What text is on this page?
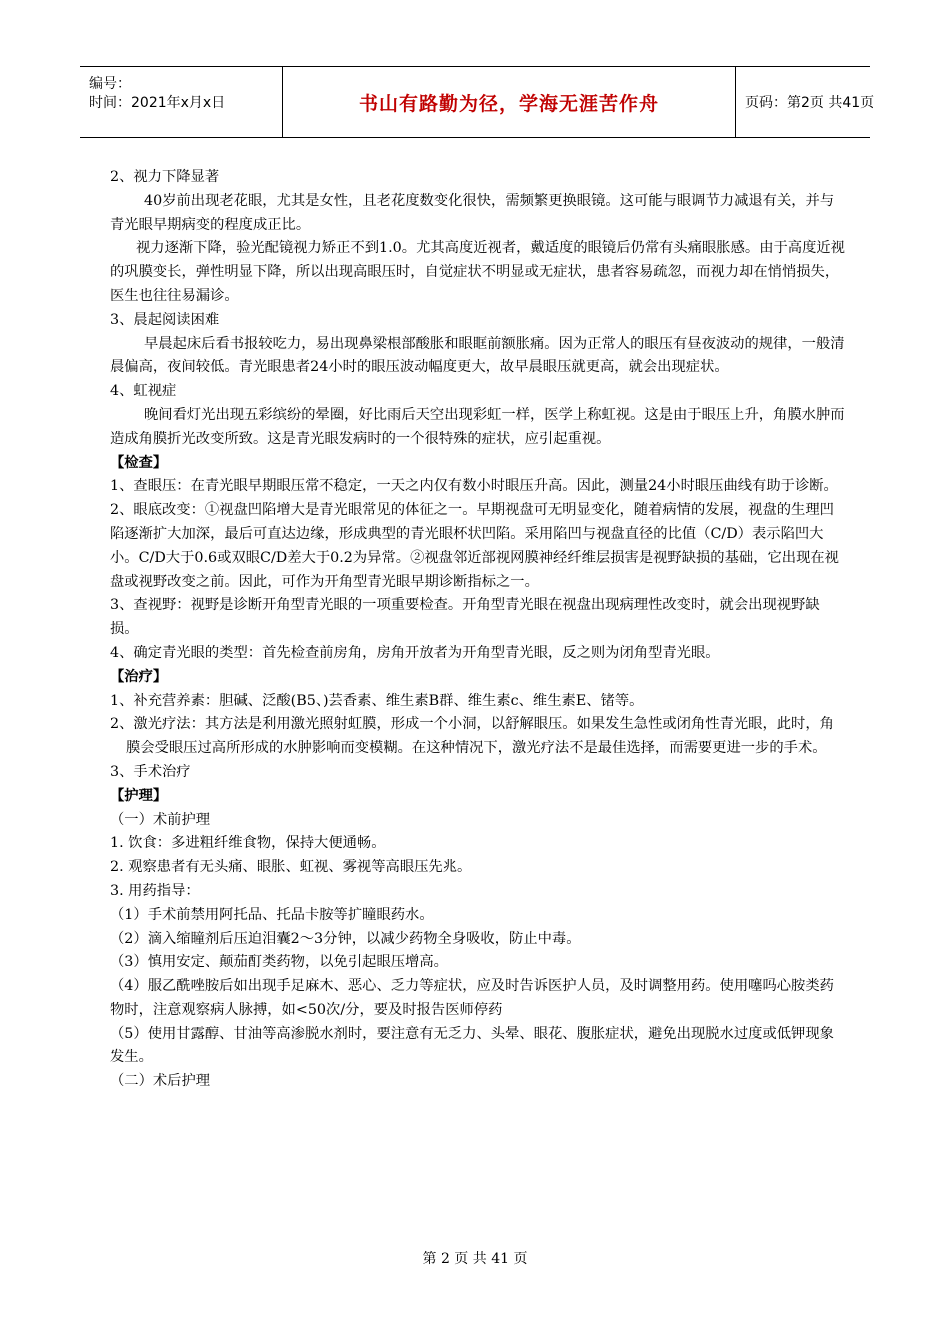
编号：
时间：2021年x月x日	书山有路勤为径，学海无涯苦作舟	页码：第2页 共41页

2、视力下降显著

40岁前出现老花眼，尤其是女性，且老花度数变化很快，需频繁更换眼镜。这可能与眼调节力减退有关，并与青光眼早期病变的程度成正比。

视力逐渐下降，验光配镜视力矫正不到1.0。尤其高度近视者，戴适度的眼镜后仍常有头痛眼胀感。由于高度近视的巩膜变长，弹性明显下降，所以出现高眼压时，自觉症状不明显或无症状，患者容易疏忽，而视力却在悄悄损失，医生也往往易漏诊。

3、晨起阅读困难

早晨起床后看书报较吃力，易出现鼻梁根部酸胀和眼眶前额胀痛。因为正常人的眼压有昼夜波动的规律，一般清晨偏高，夜间较低。青光眼患者24小时的眼压波动幅度更大，故早晨眼压就更高，就会出现症状。

4、虹视症

晚间看灯光出现五彩缤纷的晕圈，好比雨后天空出现彩虹一样，医学上称虹视。这是由于眼压上升，角膜水肿而造成角膜折光改变所致。这是青光眼发病时的一个很特殊的症状，应引起重视。

【检查】

1、查眼压：在青光眼早期眼压常不稳定，一天之内仅有数小时眼压升高。因此，测量24小时眼压曲线有助于诊断。

2、眼底改变：①视盘凹陷增大是青光眼常见的体征之一。早期视盘可无明显变化，随着病情的发展，视盘的生理凹陷逐渐扩大加深，最后可直达边缘，形成典型的青光眼杯状凹陷。采用陷凹与视盘直径的比值（C/D）表示陷凹大小。C/D大于0.6或双眼C/D差大于0.2为异常。②视盘邻近部视网膜神经纤维层损害是视野缺损的基础，它出现在视盘或视野改变之前。因此，可作为开角型青光眼早期诊断指标之一。

3、查视野：视野是诊断开角型青光眼的一项重要检查。开角型青光眼在视盘出现病理性改变时，就会出现视野缺损。

4、确定青光眼的类型：首先检查前房角，房角开放者为开角型青光眼，反之则为闭角型青光眼。

【治疗】

1、补充营养素：胆碱、泛酸(B5、)芸香素、维生素B群、维生素c、维生素E、锗等。

2、激光疗法：其方法是利用激光照射虹膜，形成一个小洞，以舒解眼压。如果发生急性或闭角性青光眼，此时，角膜会受眼压过高所形成的水肿影响而变模糊。在这种情况下，激光疗法不是最佳选择，而需要更进一步的手术。

3、手术治疗

【护理】

（一）术前护理

1. 饮食：多进粗纤维食物，保持大便通畅。

2. 观察患者有无头痛、眼胀、虹视、雾视等高眼压先兆。

3. 用药指导：

（1）手术前禁用阿托品、托品卡胺等扩瞳眼药水。

（2）滴入缩瞳剂后压迫泪囊2～3分钟，以减少药物全身吸收，防止中毒。

（3）慎用安定、颠茄酊类药物，以免引起眼压增高。

（4）服乙酰唑胺后如出现手足麻木、恶心、乏力等症状，应及时告诉医护人员，及时调整用药。使用噻吗心胺类药物时，注意观察病人脉搏，如<50次/分，要及时报告医师停药

（5）使用甘露醇、甘油等高渗脱水剂时，要注意有无乏力、头晕、眼花、腹胀症状，避免出现脱水过度或低钾现象发生。

（二）术后护理

第 2 页 共 41 页
